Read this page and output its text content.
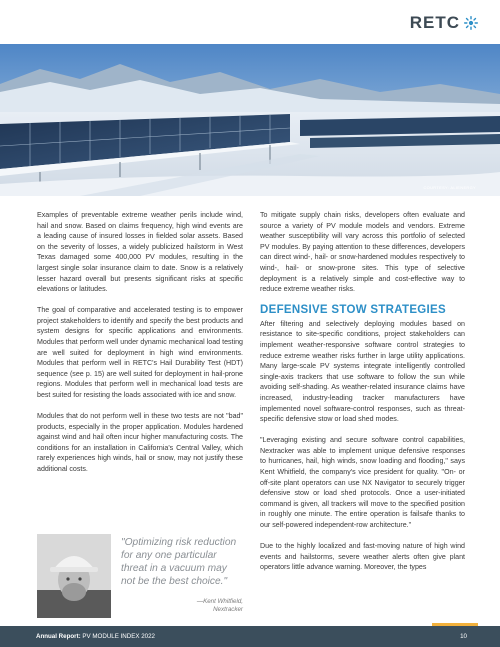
RETC
COURTESY: ALIENERGY

Examples of preventable extreme weather perils include wind, hail and snow. Based on claims frequency, high wind events are a leading cause of insured losses in fielded solar assets. Based on the severity of losses, a widely publicized hailstorm in West Texas damaged some 400,000 PV modules, resulting in the largest single solar insurance claim to date. Snow is a relatively lesser hazard overall but presents significant risks at specific elevations or latitudes.

The goal of comparative and accelerated testing is to empower project stakeholders to identify and specify the best products and system designs for specific applications and environments. Modules that perform well under dynamic mechanical load testing are well suited for deployment in high wind environments. Modules that perform well in RETC's Hail Durability Test (HDT) sequence (see p. 15) are well suited for deployment in hail-prone regions. Modules that perform well in mechanical load tests are best suited for resisting the loads associated with ice and snow.

Modules that do not perform well in these two tests are not "bad" products, especially in the proper application. Modules hardened against wind and hail often incur higher manufacturing costs. The conditions for an installation in California's Central Valley, which rarely experiences high winds, hail or snow, may not justify these additional costs.

"Optimizing risk reduction for any one particular threat in a vacuum may not be the best choice."
—Kent Whitfield,
Nextracker

To mitigate supply chain risks, developers often evaluate and source a variety of PV module models and vendors. Extreme weather susceptibility will vary across this portfolio of selected PV modules. By paying attention to these differences, developers can direct wind-, hail- or snow-hardened modules respectively to wind-, hail- or snow-prone sites. This type of selective deployment is a relatively simple and cost-effective way to reduce extreme weather risks.

DEFENSIVE STOW STRATEGIES

After filtering and selectively deploying modules based on resistance to site-specific conditions, project stakeholders can implement weather-responsive software control strategies to reduce extreme weather risks further in large utility applications. Many large-scale PV systems integrate intelligently controlled single-axis trackers that use software to follow the sun while avoiding self-shading. As weather-related insurance claims have increased, industry-leading tracker manufacturers have implemented novel software-control responses, such as threat-specific defensive stow or load shed modes.

"Leveraging existing and secure software control capabilities, Nextracker was able to implement unique defensive responses to hurricanes, hail, high winds, snow loading and flooding," says Kent Whitfield, the company's vice president for quality. "On- or off-site plant operators can use NX Navigator to securely trigger defensive stow or load shed protocols. Once a user-initiated command is given, all trackers will move to the specified position in roughly one minute. The entire operation is failsafe thanks to our self-powered independent-row architecture."

Due to the highly localized and fast-moving nature of high wind events and hailstorms, severe weather alerts often give plant operators little advance warning. Moreover, the types

Annual Report: PV MODULE INDEX 2022	10
